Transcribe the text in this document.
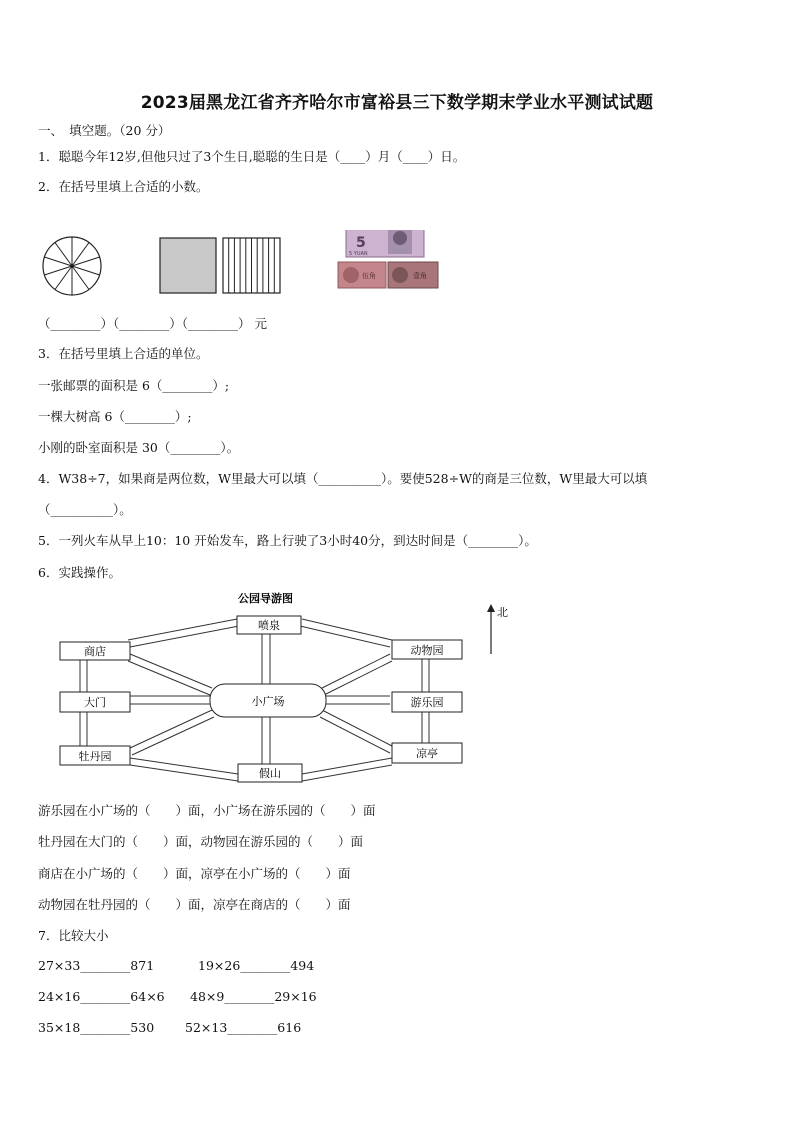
2023届黑龙江省齐齐哈尔市富裕县三下数学期末学业水平测试试题
一、　填空题。（20 分）
1．聪聪今年12岁,但他只过了3个生日,聪聪的生日是（____）月（____）日。
2．在括号里填上合适的小数。
5
5 YUAN
伍角	壹角
（________）（________）（________） 元
3．在括号里填上合适的单位。
一张邮票的面积是 6（________）;
一棵大树高 6（________）;
小刚的卧室面积是 30（________）。
4．W38÷7，如果商是两位数，W里最大可以填（__________）。要使528÷W的商是三位数，W里最大可以填
（__________）。
5．一列火车从早上10：10 开始发车，路上行驶了3小时40分，到达时间是（________）。
6．实践操作。
公园导游图
北
喷泉
商店	动物园
大门	小广场	游乐园
牡丹园	凉亭
假山
游乐园在小广场的（　　）面，小广场在游乐园的（　　）面
牡丹园在大门的（　　）面，动物园在游乐园的（　　）面
商店在小广场的（　　）面，凉亭在小广场的（　　）面
动物园在牡丹园的（　　）面，凉亭在商店的（　　）面
7．比较大小
27×33________871	19×26________494
24×16________64×6 48×9________29×16
35×18________530 52×13________616
